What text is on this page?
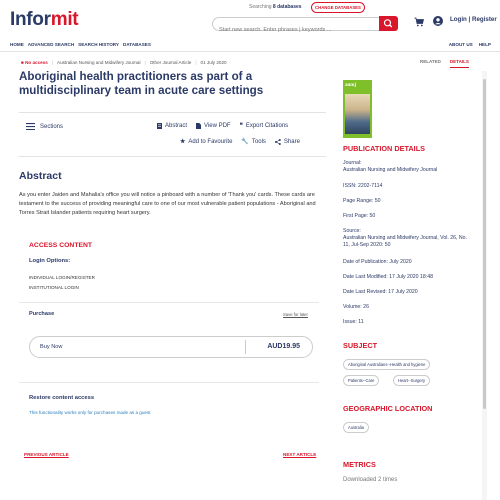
Informit
Searching 8 databases	CHANGE DATABASES
Start new search. Enter phrases | keywords ...
Login | Register
HOME ADVANCED SEARCH SEARCH HISTORY DATABASES	ABOUT US HELP
■ No access | Australian Nursing and Midwifery Journal | Other Journal Article | 01 July 2020	RELATED DETAILS
Aboriginal health practitioners as part of a multidisciplinary team in acute care settings
Sections	Abstract	View PDF ❝ Export Citations
★ Add to Favourite 🔧 Tools	Share
Abstract

As you enter Jaiden and Mahalia's office you will notice a pinboard with a number of 'Thank you' cards. These cards are testament to the success of providing meaningful care to one of our most vulnerable patient populations - Aboriginal and Torres Strait Islander patients requiring heart surgery.

ACCESS CONTENT
Login Options:
INDIVIDUAL LOGIN/REGISTER
INSTITUTIONAL LOGIN
Purchase	Save for later
Buy Now	AUD19.95
Restore content access
This functionality works only for purchases made as a guest
PREVIOUS ARTICLE	NEXT ARTICLE
anmj
PUBLICATION DETAILS
Journal:
Australian Nursing and Midwifery Journal
ISSN: 2202-7114
Page Range: 50
First Page: 50
Source:
Australian Nursing and Midwifery Journal, Vol. 26, No. 11, Jul-Sep 2020: 50
Date of Publication: July 2020
Date Last Modified: 17 July 2020 18:48
Date Last Revised: 17 July 2020
Volume: 26
Issue: 11
SUBJECT
Aboriginal Australians--Health and hygiene
Patients--Care	Heart--Surgery
GEOGRAPHIC LOCATION
Australia
METRICS
Downloaded 2 times
